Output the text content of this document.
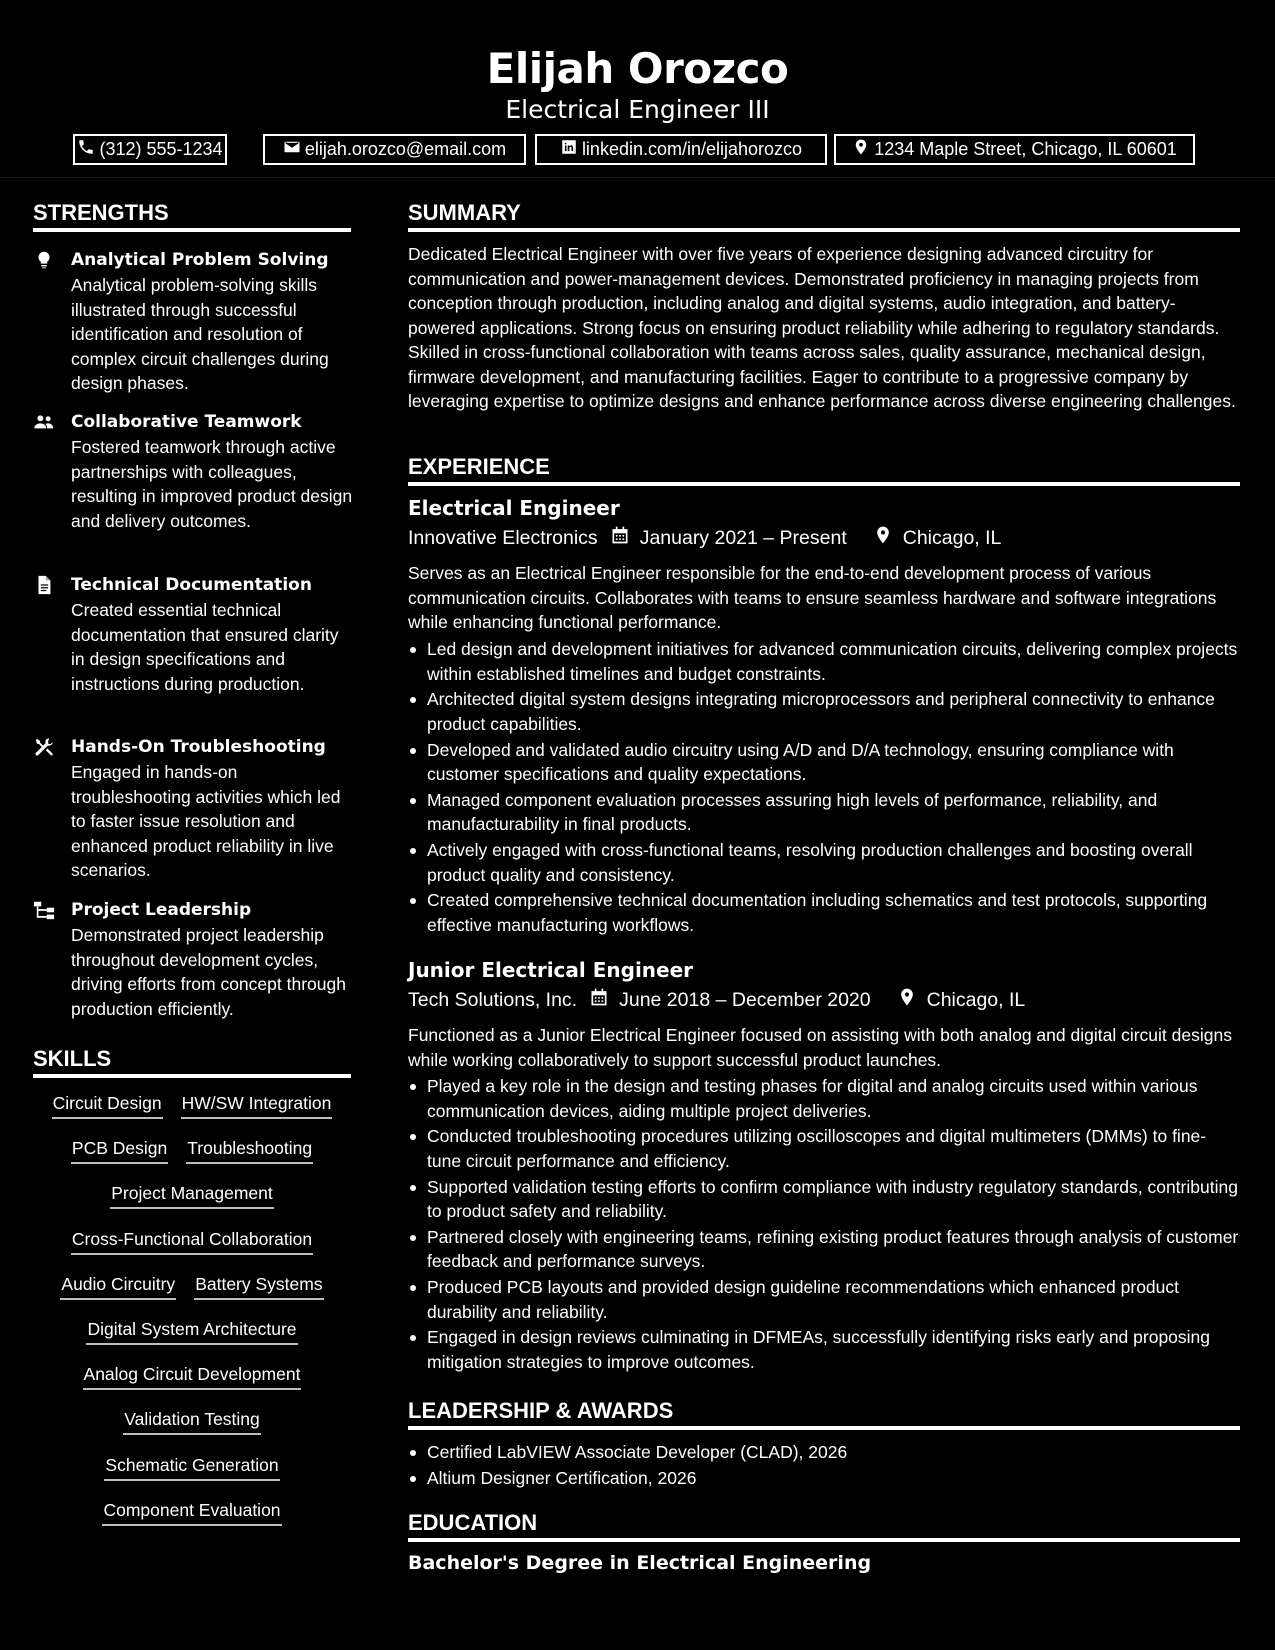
Elijah Orozco
Electrical Engineer III
(312) 555-1234	elijah.orozco@email.com	linkedin.com/in/elijahorozco	1234 Maple Street, Chicago, IL 60601
STRENGTHS
Analytical Problem Solving
Analytical problem-solving skills illustrated through successful identification and resolution of complex circuit challenges during design phases.
Collaborative Teamwork
Fostered teamwork through active partnerships with colleagues, resulting in improved product design and delivery outcomes.
Technical Documentation
Created essential technical documentation that ensured clarity in design specifications and instructions during production.
Hands-On Troubleshooting
Engaged in hands-on troubleshooting activities which led to faster issue resolution and enhanced product reliability in live scenarios.
Project Leadership
Demonstrated project leadership throughout development cycles, driving efforts from concept through production efficiently.
SKILLS
Circuit Design HW/SW Integration
PCB Design Troubleshooting
Project Management
Cross-Functional Collaboration
Audio Circuitry Battery Systems
Digital System Architecture
Analog Circuit Development
Validation Testing
Schematic Generation
Component Evaluation
SUMMARY
Dedicated Electrical Engineer with over five years of experience designing advanced circuitry for communication and power-management devices. Demonstrated proficiency in managing projects from conception through production, including analog and digital systems, audio integration, and battery-powered applications. Strong focus on ensuring product reliability while adhering to regulatory standards. Skilled in cross-functional collaboration with teams across sales, quality assurance, mechanical design, firmware development, and manufacturing facilities. Eager to contribute to a progressive company by leveraging expertise to optimize designs and enhance performance across diverse engineering challenges.
EXPERIENCE
Electrical Engineer
Innovative Electronics January 2021 – Present	Chicago, IL
Serves as an Electrical Engineer responsible for the end-to-end development process of various communication circuits. Collaborates with teams to ensure seamless hardware and software integrations while enhancing functional performance.
Led design and development initiatives for advanced communication circuits, delivering complex projects within established timelines and budget constraints.
Architected digital system designs integrating microprocessors and peripheral connectivity to enhance product capabilities.
Developed and validated audio circuitry using A/D and D/A technology, ensuring compliance with customer specifications and quality expectations.
Managed component evaluation processes assuring high levels of performance, reliability, and manufacturability in final products.
Actively engaged with cross-functional teams, resolving production challenges and boosting overall product quality and consistency.
Created comprehensive technical documentation including schematics and test protocols, supporting effective manufacturing workflows.
Junior Electrical Engineer
Tech Solutions, Inc. June 2018 – December 2020	Chicago, IL
Functioned as a Junior Electrical Engineer focused on assisting with both analog and digital circuit designs while working collaboratively to support successful product launches.
Played a key role in the design and testing phases for digital and analog circuits used within various communication devices, aiding multiple project deliveries.
Conducted troubleshooting procedures utilizing oscilloscopes and digital multimeters (DMMs) to fine-tune circuit performance and efficiency.
Supported validation testing efforts to confirm compliance with industry regulatory standards, contributing to product safety and reliability.
Partnered closely with engineering teams, refining existing product features through analysis of customer feedback and performance surveys.
Produced PCB layouts and provided design guideline recommendations which enhanced product durability and reliability.
Engaged in design reviews culminating in DFMEAs, successfully identifying risks early and proposing mitigation strategies to improve outcomes.
LEADERSHIP & AWARDS
Certified LabVIEW Associate Developer (CLAD), 2026
Altium Designer Certification, 2026
EDUCATION
Bachelor's Degree in Electrical Engineering
